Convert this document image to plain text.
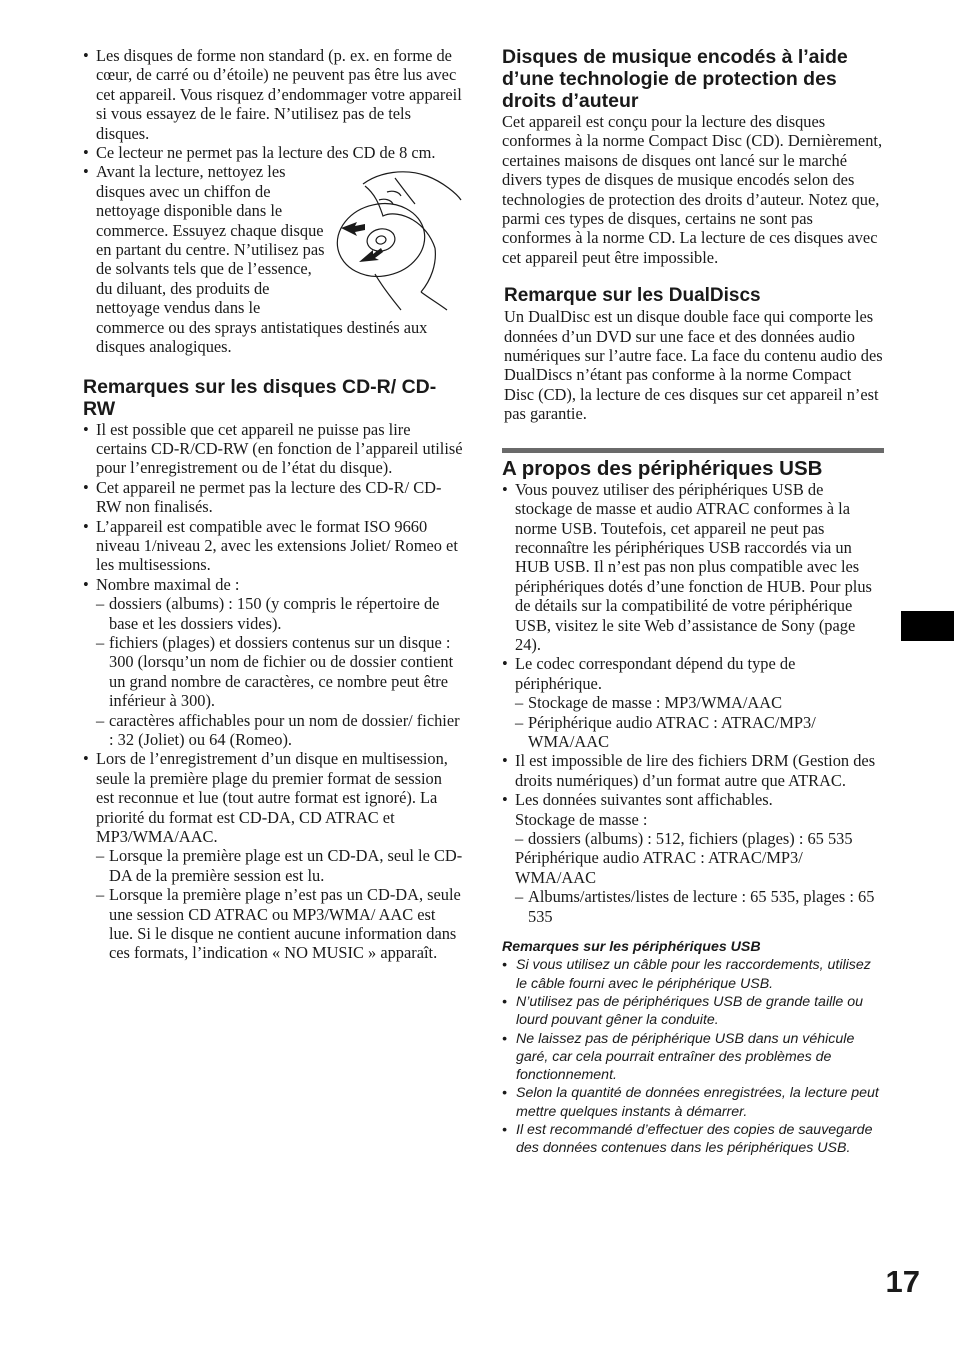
• Les disques de forme non standard (p. ex. en forme de cœur, de carré ou d’étoile) ne peuvent pas être lus avec cet appareil. Vous risquez d’endommager votre appareil si vous essayez de le faire. N’utilisez pas de tels disques.
• Ce lecteur ne permet pas la lecture des CD de 8 cm.
• Avant la lecture, nettoyez les disques avec un chiffon de nettoyage disponible dans le commerce. Essuyez chaque disque en partant du centre. N’utilisez pas de solvants tels que de l’essence, du diluant, des produits de nettoyage vendus dans le commerce ou des sprays antistatiques destinés aux disques analogiques.
Remarques sur les disques CD-R/ CD-RW
• Il est possible que cet appareil ne puisse pas lire certains CD-R/CD-RW (en fonction de l’appareil utilisé pour l’enregistrement ou de l’état du disque).
• Cet appareil ne permet pas la lecture des CD-R/ CD-RW non finalisés.
• L’appareil est compatible avec le format ISO 9660 niveau 1/niveau 2, avec les extensions Joliet/ Romeo et les multisessions.
• Nombre maximal de :
– dossiers (albums) : 150 (y compris le répertoire de base et les dossiers vides).
– fichiers (plages) et dossiers contenus sur un disque : 300 (lorsqu’un nom de fichier ou de dossier contient un grand nombre de caractères, ce nombre peut être inférieur à 300).
– caractères affichables pour un nom de dossier/ fichier : 32 (Joliet) ou 64 (Romeo).
• Lors de l’enregistrement d’un disque en multisession, seule la première plage du premier format de session est reconnue et lue (tout autre format est ignoré). La priorité du format est CD-DA, CD ATRAC et MP3/WMA/AAC.
– Lorsque la première plage est un CD-DA, seul le CD-DA de la première session est lu.
– Lorsque la première plage n’est pas un CD-DA, seule une session CD ATRAC ou MP3/WMA/ AAC est lue. Si le disque ne contient aucune information dans ces formats, l’indication « NO MUSIC » apparaît.
Disques de musique encodés à l’aide d’une technologie de protection des droits d’auteur

Cet appareil est conçu pour la lecture des disques conformes à la norme Compact Disc (CD). Dernièrement, certaines maisons de disques ont lancé sur le marché divers types de disques de musique encodés selon des technologies de protection des droits d’auteur. Notez que, parmi ces types de disques, certains ne sont pas conformes à la norme CD. La lecture de ces disques avec cet appareil peut être impossible.

Remarque sur les DualDiscs

Un DualDisc est un disque double face qui comporte les données d’un DVD sur une face et des données audio numériques sur l’autre face. La face du contenu audio des DualDiscs n’étant pas conforme à la norme Compact Disc (CD), la lecture de ces disques sur cet appareil n’est pas garantie.

A propos des périphériques USB
• Vous pouvez utiliser des périphériques USB de stockage de masse et audio ATRAC conformes à la norme USB. Toutefois, cet appareil ne peut pas reconnaître les périphériques USB raccordés via un HUB USB. Il n’est pas non plus compatible avec les périphériques dotés d’une fonction de HUB. Pour plus de détails sur la compatibilité de votre périphérique USB, visitez le site Web d’assistance de Sony (page 24).
• Le codec correspondant dépend du type de périphérique.
– Stockage de masse : MP3/WMA/AAC
– Périphérique audio ATRAC : ATRAC/MP3/ WMA/AAC
• Il est impossible de lire des fichiers DRM (Gestion des droits numériques) d’un format autre que ATRAC.
• Les données suivantes sont affichables.
Stockage de masse :
– dossiers (albums) : 512, fichiers (plages) : 65 535
Périphérique audio ATRAC : ATRAC/MP3/ WMA/AAC
– Albums/artistes/listes de lecture : 65 535, plages : 65 535
Remarques sur les périphériques USB
• Si vous utilisez un câble pour les raccordements, utilisez le câble fourni avec le périphérique USB.
• N’utilisez pas de périphériques USB de grande taille ou lourd pouvant gêner la conduite.
• Ne laissez pas de périphérique USB dans un véhicule garé, car cela pourrait entraîner des problèmes de fonctionnement.
• Selon la quantité de données enregistrées, la lecture peut mettre quelques instants à démarrer.
• Il est recommandé d’effectuer des copies de sauvegarde des données contenues dans les périphériques USB.
17
